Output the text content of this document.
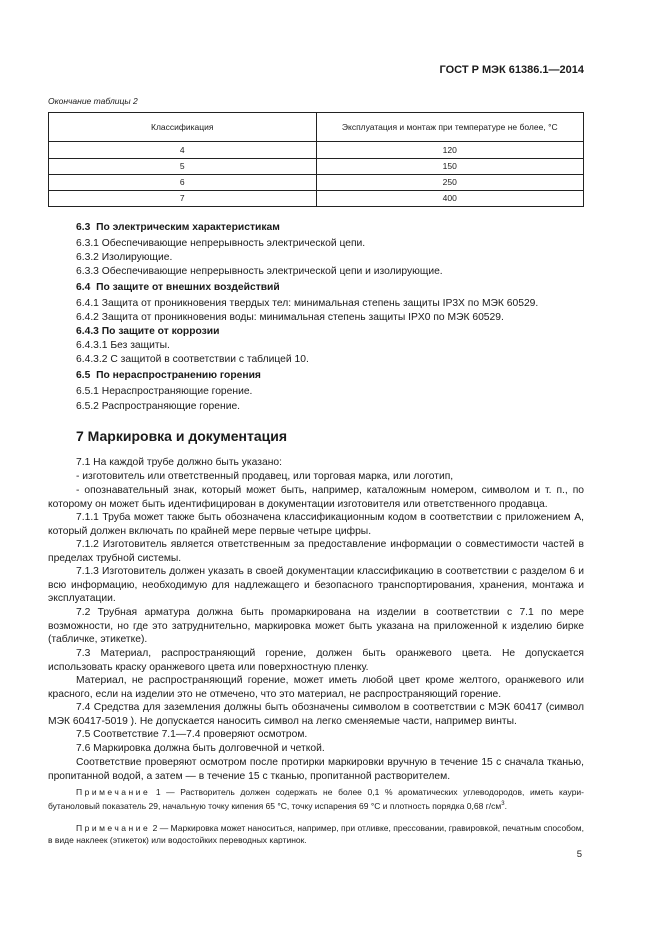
ГОСТ Р МЭК 61386.1—2014
Окончание таблицы 2
Классификация	Эксплуатация и монтаж при температуре не более, °С
4	120
5	150
6	250
7	400
6.3 По электрическим характеристикам
6.3.1 Обеспечивающие непрерывность электрической цепи.
6.3.2 Изолирующие.
6.3.3 Обеспечивающие непрерывность электрической цепи и изолирующие.
6.4 По защите от внешних воздействий
6.4.1 Защита от проникновения твердых тел: минимальная степень защиты IP3X по МЭК 60529.
6.4.2 Защита от проникновения воды: минимальная степень защиты IPX0 по МЭК 60529.
6.4.3 По защите от коррозии
6.4.3.1 Без защиты.
6.4.3.2 С защитой в соответствии с таблицей 10.
6.5 По нераспространению горения
6.5.1 Нераспространяющие горение.
6.5.2 Распространяющие горение.
7 Маркировка и документация

7.1 На каждой трубе должно быть указано:

- изготовитель или ответственный продавец, или торговая марка, или логотип,

- опознавательный знак, который может быть, например, каталожным номером, символом и т. п., по которому он может быть идентифицирован в документации изготовителя или ответственного продавца.

7.1.1 Труба может также быть обозначена классификационным кодом в соответствии с приложением А, который должен включать по крайней мере первые четыре цифры.

7.1.2 Изготовитель является ответственным за предоставление информации о совместимости частей в пределах трубной системы.

7.1.3 Изготовитель должен указать в своей документации классификацию в соответствии с разделом 6 и всю информацию, необходимую для надлежащего и безопасного транспортирования, хранения, монтажа и эксплуатации.

7.2 Трубная арматура должна быть промаркирована на изделии в соответствии с 7.1 по мере возможности, но где это затруднительно, маркировка может быть указана на приложенной к изделию бирке (табличке, этикетке).

7.3 Материал, распространяющий горение, должен быть оранжевого цвета. Не допускается использовать краску оранжевого цвета или поверхностную пленку.

Материал, не распространяющий горение, может иметь любой цвет кроме желтого, оранжевого или красного, если на изделии это не отмечено, что это материал, не распространяющий горение.

7.4 Средства для заземления должны быть обозначены символом в соответствии с МЭК 60417 (символ МЭК 60417-5019 ). Не допускается наносить символ на легко сменяемые части, например винты.

7.5 Соответствие 7.1—7.4 проверяют осмотром.

7.6 Маркировка должна быть долговечной и четкой.

Соответствие проверяют осмотром после протирки маркировки вручную в течение 15 с сначала тканью, пропитанной водой, а затем — в течение 15 с тканью, пропитанной растворителем.

Примечание 1 — Растворитель должен содержать не более 0,1 % ароматических углеводородов, иметь каури-бутаноловый показатель 29, начальную точку кипения 65 °С, точку испарения 69 °С и плотность порядка 0,68 $г/см^3$.

Примечание 2 — Маркировка может наноситься, например, при отливке, прессовании, гравировкой, печатным способом, в виде наклеек (этикеток) или водостойких переводных картинок.

5
